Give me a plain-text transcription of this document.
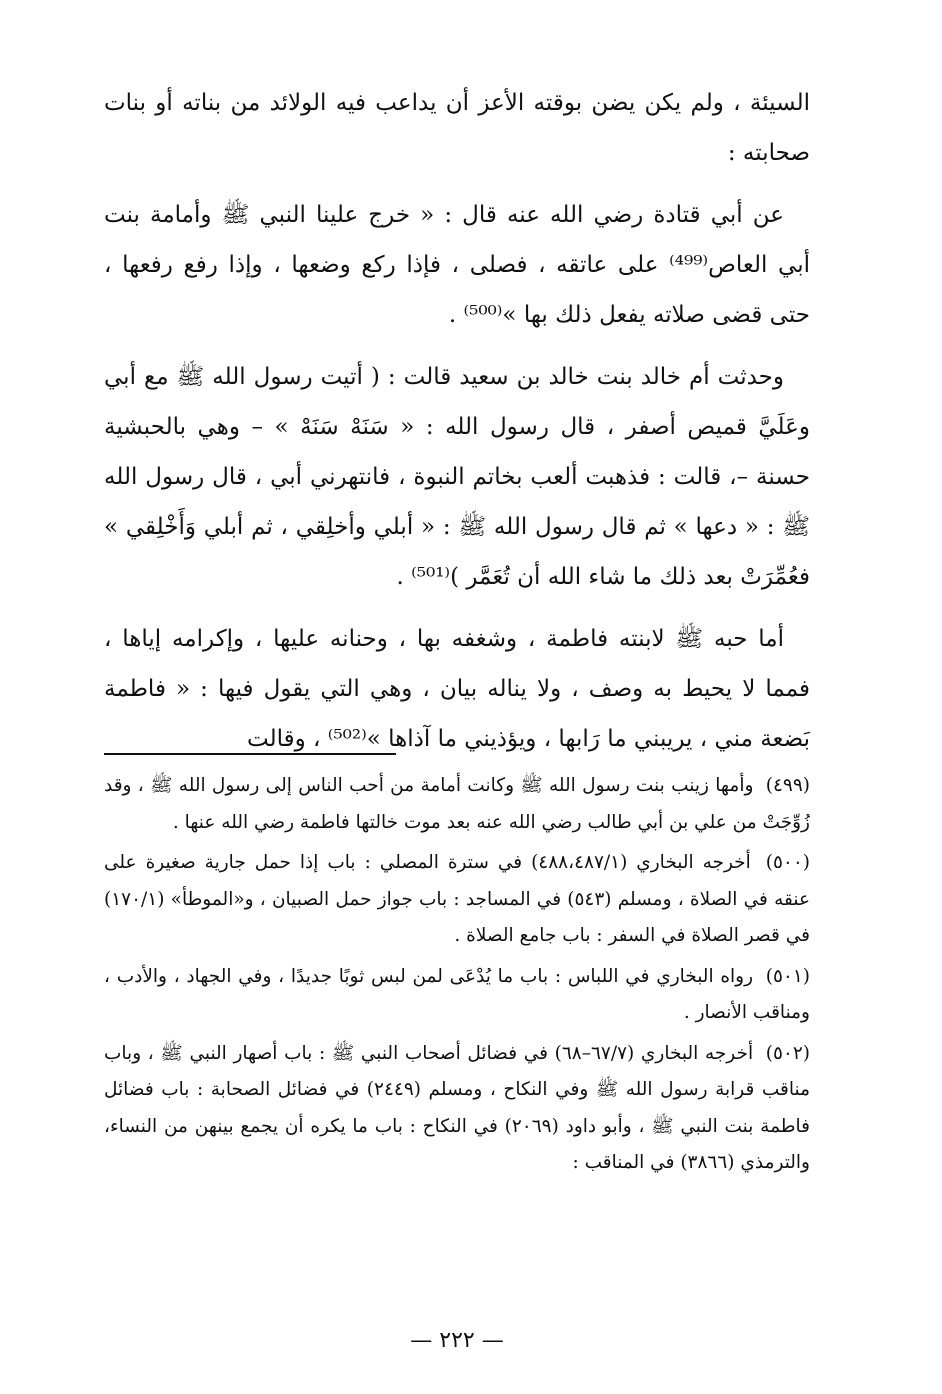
السيئة ، ولم يكن يضن بوقته الأعز أن يداعب فيه الولائد من بناته أو بنات صحابته :

عن أبي قتادة رضي الله عنه قال : « خرج علينا النبي ﷺ وأمامة بنت أبي العاص⁽⁴⁹⁹⁾ على عاتقه ، فصلى ، فإذا ركع وضعها ، وإذا رفع رفعها ، حتى قضى صلاته يفعل ذلك بها »⁽⁵⁰⁰⁾ .

وحدثت أم خالد بنت خالد بن سعيد قالت : ( أتيت رسول الله ﷺ مع أبي وعَلَيَّ قميص أصفر ، قال رسول الله : « سَنَهْ سَنَهْ » – وهي بالحبشية حسنة –، قالت : فذهبت ألعب بخاتم النبوة ، فانتهرني أبي ، قال رسول الله ﷺ : « دعها » ثم قال رسول الله ﷺ : « أبلي وأخلِقي ، ثم أبلي وَأَخْلِقي » فعُمِّرَتْ بعد ذلك ما شاء الله أن تُعَمَّر )⁽⁵⁰¹⁾ .

أما حبه ﷺ لابنته فاطمة ، وشغفه بها ، وحنانه عليها ، وإكرامه إياها ، فمما لا يحيط به وصف ، ولا يناله بيان ، وهي التي يقول فيها : « فاطمة بَضعة مني ، يريبني ما رَابها ، ويؤذيني ما آذاها »⁽⁵⁰²⁾ ، وقالت

(٤٩٩) وأمها زينب بنت رسول الله ﷺ وكانت أمامة من أحب الناس إلى رسول الله ﷺ ، وقد زُوِّجَتْ من علي بن أبي طالب رضي الله عنه بعد موت خالتها فاطمة رضي الله عنها .

(٥٠٠) أخرجه البخاري (٤٨٨،٤٨٧/١) في سترة المصلي : باب إذا حمل جارية صغيرة على عنقه في الصلاة ، ومسلم (٥٤٣) في المساجد : باب جواز حمل الصبيان ، و«الموطأ» (١٧٠/١) في قصر الصلاة في السفر : باب جامع الصلاة .

(٥٠١) رواه البخاري في اللباس : باب ما يُدْعَى لمن لبس ثوبًا جديدًا ، وفي الجهاد ، والأدب ، ومناقب الأنصار .

(٥٠٢) أخرجه البخاري (٦٧/٧–٦٨) في فضائل أصحاب النبي ﷺ : باب أصهار النبي ﷺ ، وباب مناقب قرابة رسول الله ﷺ وفي النكاح ، ومسلم (٢٤٤٩) في فضائل الصحابة : باب فضائل فاطمة بنت النبي ﷺ ، وأبو داود (٢٠٦٩) في النكاح : باب ما يكره أن يجمع بينهن من النساء، والترمذي (٣٨٦٦) في المناقب :

— ٢٢٢ —
